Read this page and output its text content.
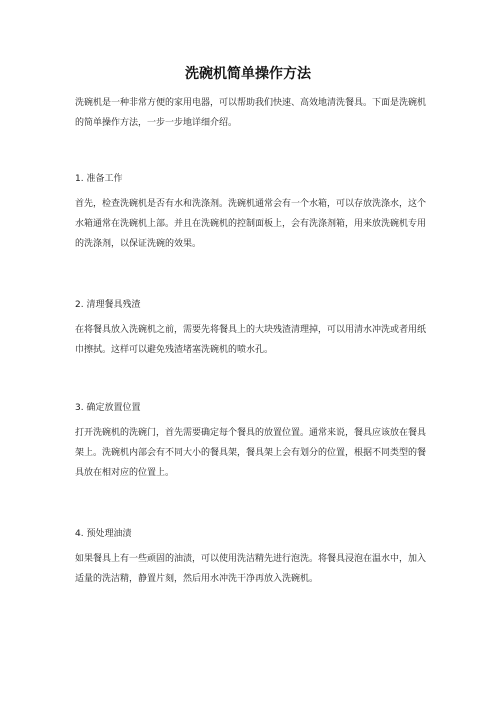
洗碗机简单操作方法

洗碗机是一种非常方便的家用电器，可以帮助我们快速、高效地清洗餐具。下面是洗碗机的简单操作方法，一步一步地详细介绍。

1. 准备工作

首先，检查洗碗机是否有水和洗涤剂。洗碗机通常会有一个水箱，可以存放洗涤水，这个水箱通常在洗碗机上部。并且在洗碗机的控制面板上，会有洗涤剂箱，用来放洗碗机专用的洗涤剂，以保证洗碗的效果。

2. 清理餐具残渣

在将餐具放入洗碗机之前，需要先将餐具上的大块残渣清理掉，可以用清水冲洗或者用纸巾擦拭。这样可以避免残渣堵塞洗碗机的喷水孔。

3. 确定放置位置

打开洗碗机的洗碗门，首先需要确定每个餐具的放置位置。通常来说，餐具应该放在餐具架上。洗碗机内部会有不同大小的餐具架，餐具架上会有划分的位置，根据不同类型的餐具放在相对应的位置上。

4. 预处理油渍

如果餐具上有一些顽固的油渍，可以使用洗洁精先进行泡洗。将餐具浸泡在温水中，加入适量的洗洁精，静置片刻，然后用水冲洗干净再放入洗碗机。
